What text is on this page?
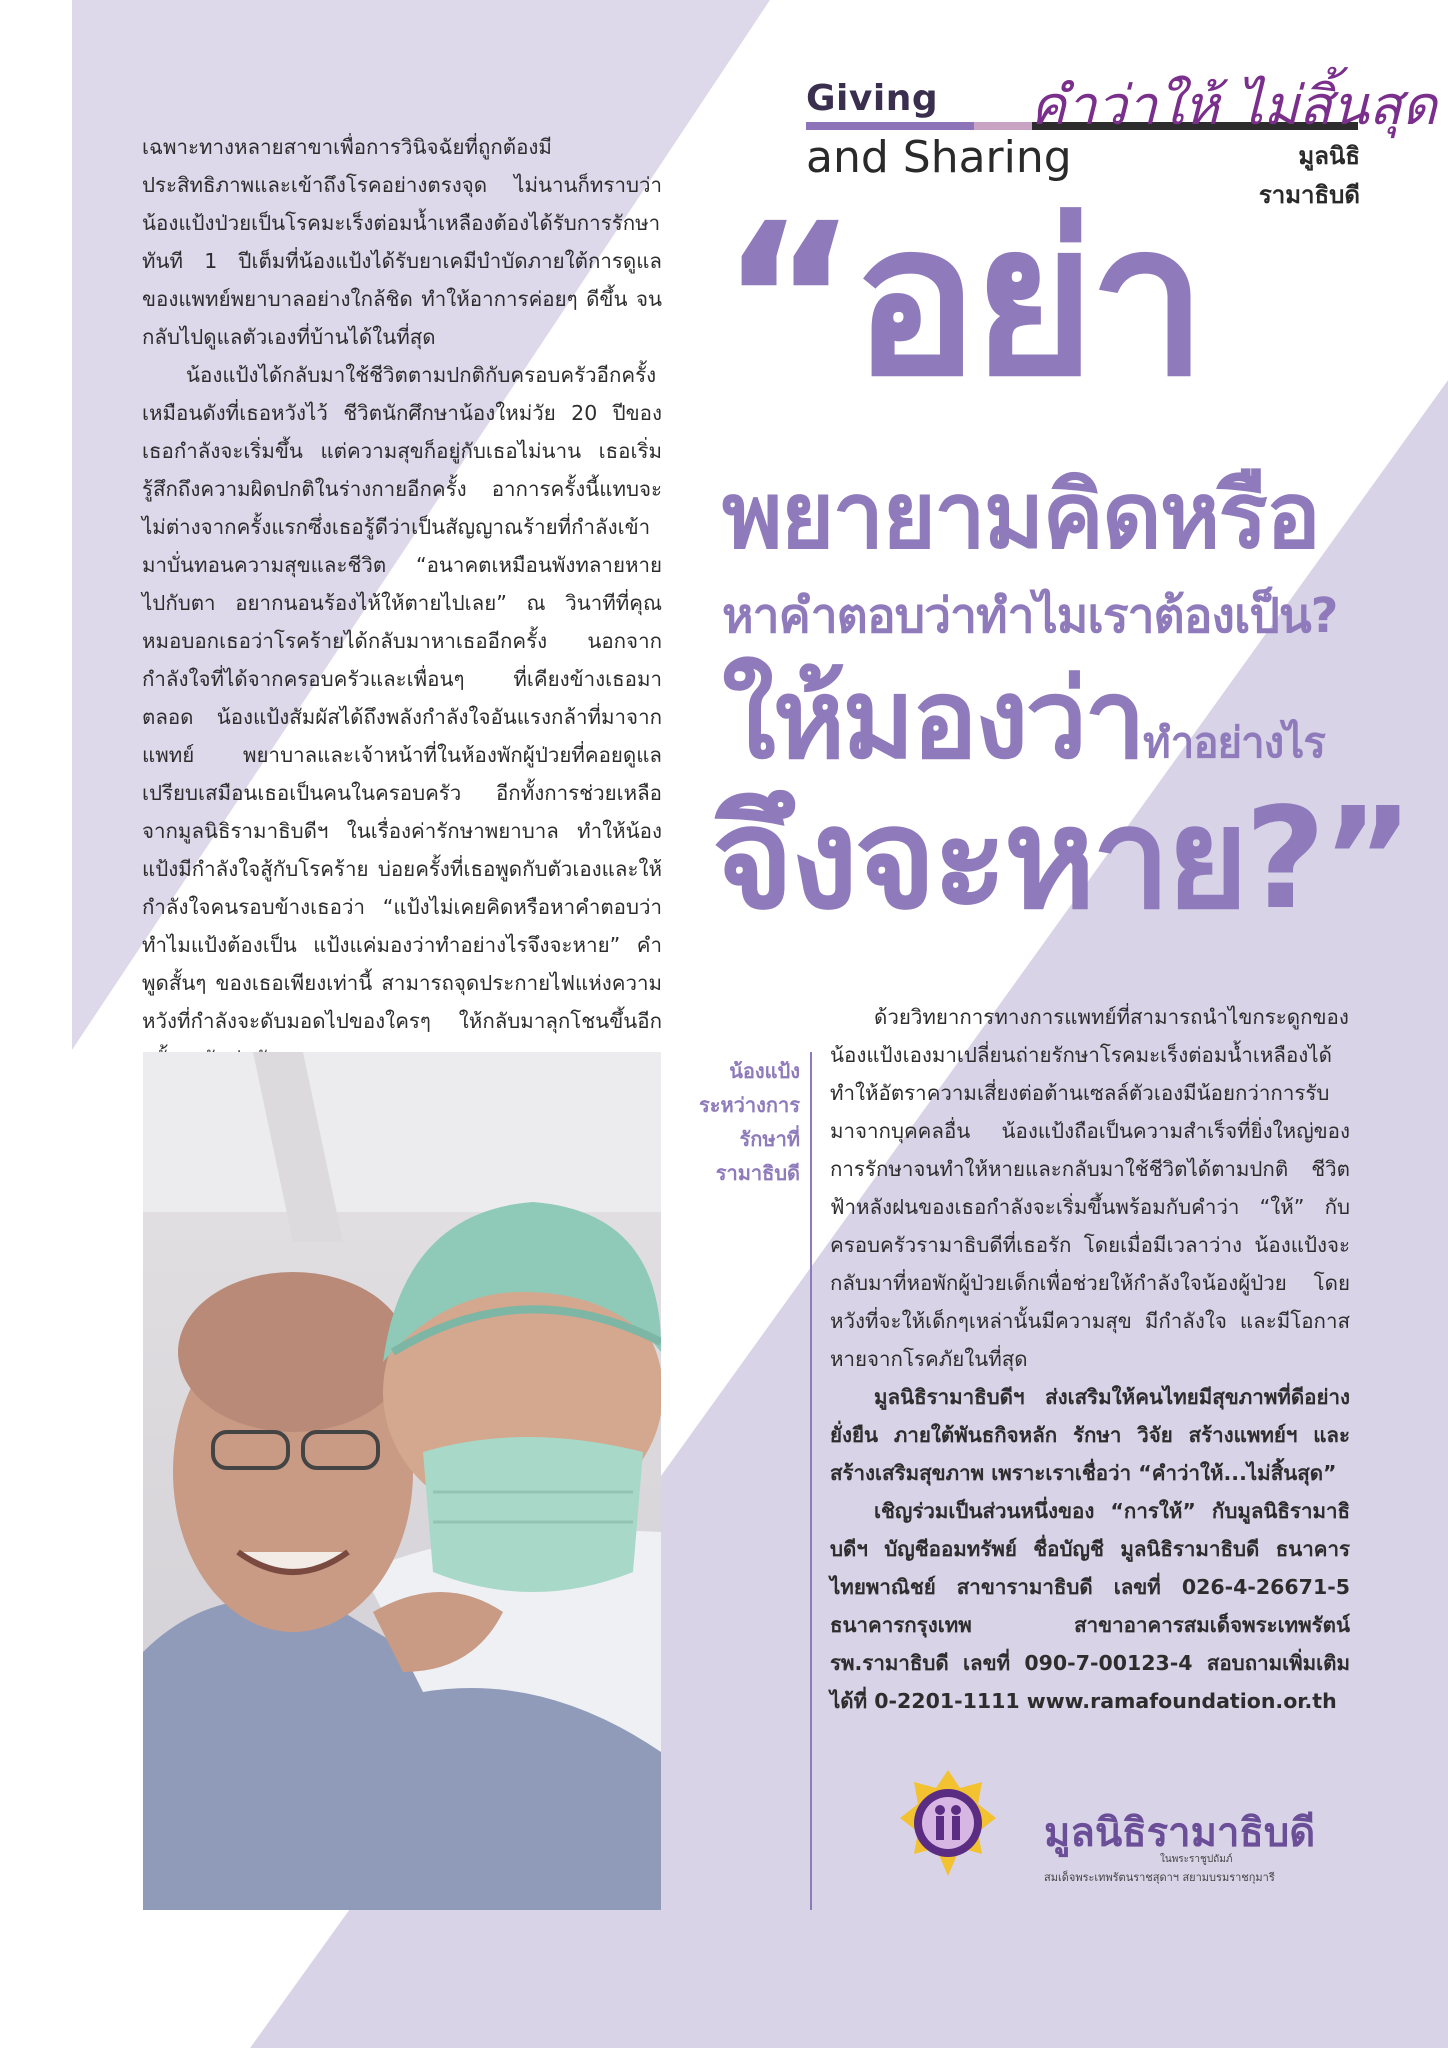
Giving
and Sharing
คำว่าให้ ไม่สิ้นสุด
มูลนิธิรามาธิบดี
“อย่า
พยายามคิดหรือ
หาคำตอบว่าทำไมเราต้องเป็น?
ให้มองว่าทำอย่างไร
จึงจะหาย?”

เฉพาะทางหลายสาขาเพื่อการวินิจฉัยที่ถูกต้องมีประสิทธิภาพและเข้าถึงโรคอย่างตรงจุด ไม่นานก็ทราบว่าน้องแป้งป่วยเป็นโรคมะเร็งต่อมน้ำเหลืองต้องได้รับการรักษาทันที 1 ปีเต็มที่น้องแป้งได้รับยาเคมีบำบัดภายใต้การดูแลของแพทย์พยาบาลอย่างใกล้ชิด ทำให้อาการค่อยๆ ดีขึ้น จนกลับไปดูแลตัวเองที่บ้านได้ในที่สุด

น้องแป้งได้กลับมาใช้ชีวิตตามปกติกับครอบครัวอีกครั้งเหมือนดังที่เธอหวังไว้ ชีวิตนักศึกษาน้องใหม่วัย 20 ปีของเธอกำลังจะเริ่มขึ้น แต่ความสุขก็อยู่กับเธอไม่นาน เธอเริ่มรู้สึกถึงความผิดปกติในร่างกายอีกครั้ง อาการครั้งนี้แทบจะไม่ต่างจากครั้งแรกซึ่งเธอรู้ดีว่าเป็นสัญญาณร้ายที่กำลังเข้ามาบั่นทอนความสุขและชีวิต “อนาคตเหมือนพังทลายหายไปกับตา อยากนอนร้องไห้ให้ตายไปเลย” ณ วินาทีที่คุณหมอบอกเธอว่าโรคร้ายได้กลับมาหาเธออีกครั้ง นอกจากกำลังใจที่ได้จากครอบครัวและเพื่อนๆ ที่เคียงข้างเธอมาตลอด น้องแป้งสัมผัสได้ถึงพลังกำลังใจอันแรงกล้าที่มาจากแพทย์ พยาบาลและเจ้าหน้าที่ในห้องพักผู้ป่วยที่คอยดูแลเปรียบเสมือนเธอเป็นคนในครอบครัว อีกทั้งการช่วยเหลือจากมูลนิธิรามาธิบดีฯ ในเรื่องค่ารักษาพยาบาล ทำให้น้องแป้งมีกำลังใจสู้กับโรคร้าย บ่อยครั้งที่เธอพูดกับตัวเองและให้กำลังใจคนรอบข้างเธอว่า “แป้งไม่เคยคิดหรือหาคำตอบว่าทำไมแป้งต้องเป็น แป้งแค่มองว่าทำอย่างไรจึงจะหาย” คำพูดสั้นๆ ของเธอเพียงเท่านี้ สามารถจุดประกายไฟแห่งความหวังที่กำลังจะดับมอดไปของใครๆ ให้กลับมาลุกโชนขึ้นอีก

น้องแป้ง ระหว่างการ รักษาที่ รามาธิบดี

ด้วยวิทยาการทางการแพทย์ที่สามารถนำไขกระดูกของน้องแป้งเองมาเปลี่ยนถ่ายรักษาโรคมะเร็งต่อมน้ำเหลืองได้ ทำให้อัตราความเสี่ยงต่อต้านเซลล์ตัวเองมีน้อยกว่าการรับมาจากบุคคลอื่น น้องแป้งถือเป็นความสำเร็จที่ยิ่งใหญ่ของการรักษาจนทำให้หายและกลับมาใช้ชีวิตได้ตามปกติ ชีวิตฟ้าหลังฝนของเธอกำลังจะเริ่มขึ้นพร้อมกับคำว่า “ให้” กับครอบครัวรามาธิบดีที่เธอรัก โดยเมื่อมีเวลาว่าง น้องแป้งจะกลับมาที่หอพักผู้ป่วยเด็กเพื่อช่วยให้กำลังใจน้องผู้ป่วย โดยหวังที่จะให้เด็กๆเหล่านั้นมีความสุข มีกำลังใจ และมีโอกาสหายจากโรคภัยในที่สุด

มูลนิธิรามาธิบดีฯ ส่งเสริมให้คนไทยมีสุขภาพที่ดีอย่างยั่งยืน ภายใต้พันธกิจหลัก รักษา วิจัย สร้างแพทย์ฯ และสร้างเสริมสุขภาพ เพราะเราเชื่อว่า “คำว่าให้...ไม่สิ้นสุด”

เชิญร่วมเป็นส่วนหนึ่งของ “การให้” กับมูลนิธิรามาธิบดีฯ บัญชีออมทรัพย์ ชื่อบัญชี มูลนิธิรามาธิบดี ธนาคาร ไทยพาณิชย์ สาขารามาธิบดี เลขที่ 026-4-26671-5 ธนาคารกรุงเทพ สาขาอาคารสมเด็จพระเทพรัตน์ รพ.รามาธิบดี เลขที่ 090-7-00123-4 สอบถามเพิ่มเติม ได้ที่ 0-2201-1111 www.ramafoundation.or.th

มูลนิธิรามาธิบดี
ในพระราชูปถัมภ์
สมเด็จพระเทพรัตนราชสุดาฯ สยามบรมราชกุมารี
